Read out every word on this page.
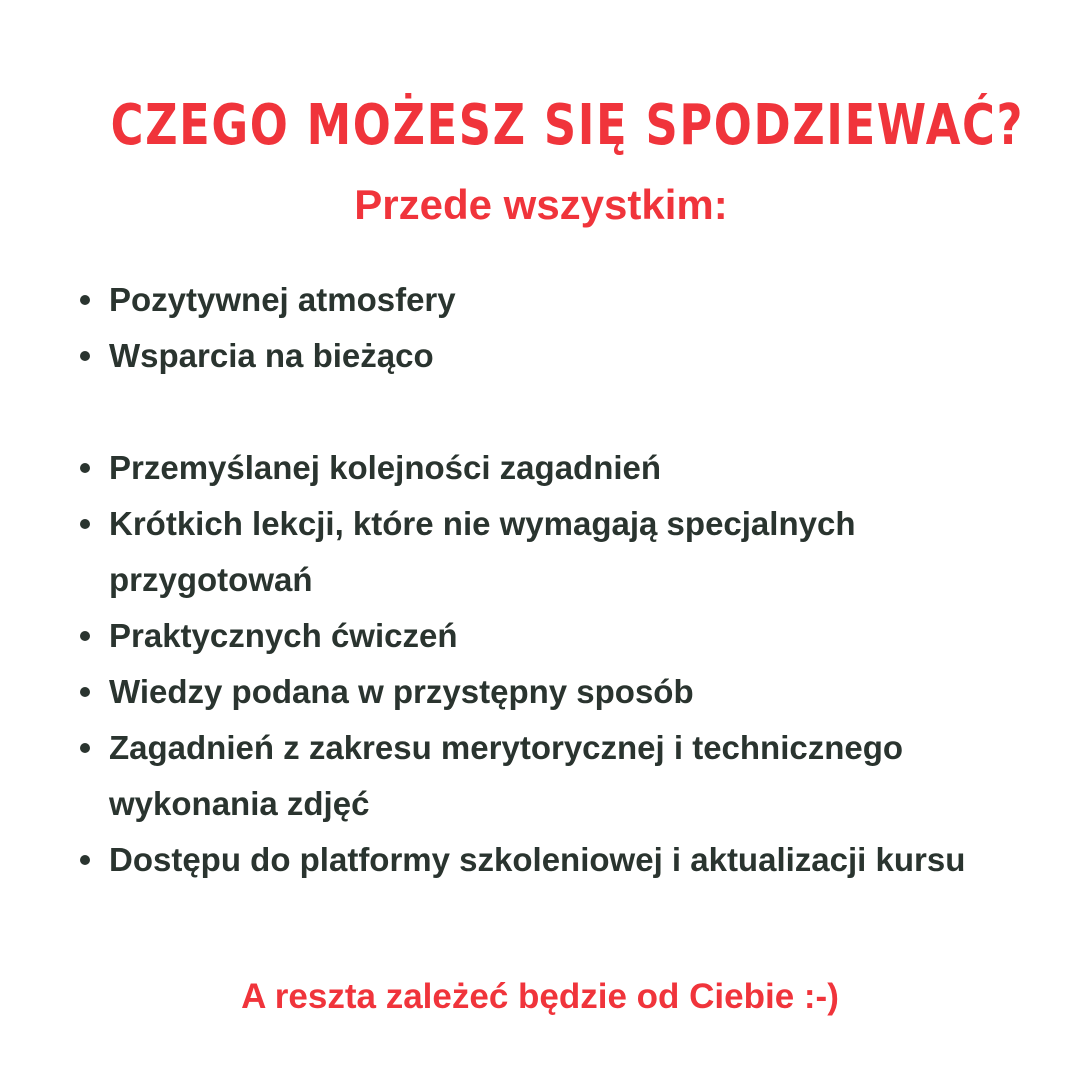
CZEGO MOŻESZ SIĘ SPODZIEWAĆ?
Przede wszystkim:
Pozytywnej atmosfery
Wsparcia na bieżąco
Przemyślanej kolejności zagadnień
Krótkich lekcji, które nie wymagają specjalnych przygotowań
Praktycznych ćwiczeń
Wiedzy podana w przystępny sposób
Zagadnień z zakresu merytorycznej i technicznego wykonania zdjęć
Dostępu do platformy szkoleniowej i aktualizacji kursu

A reszta zależeć będzie od Ciebie :-)
